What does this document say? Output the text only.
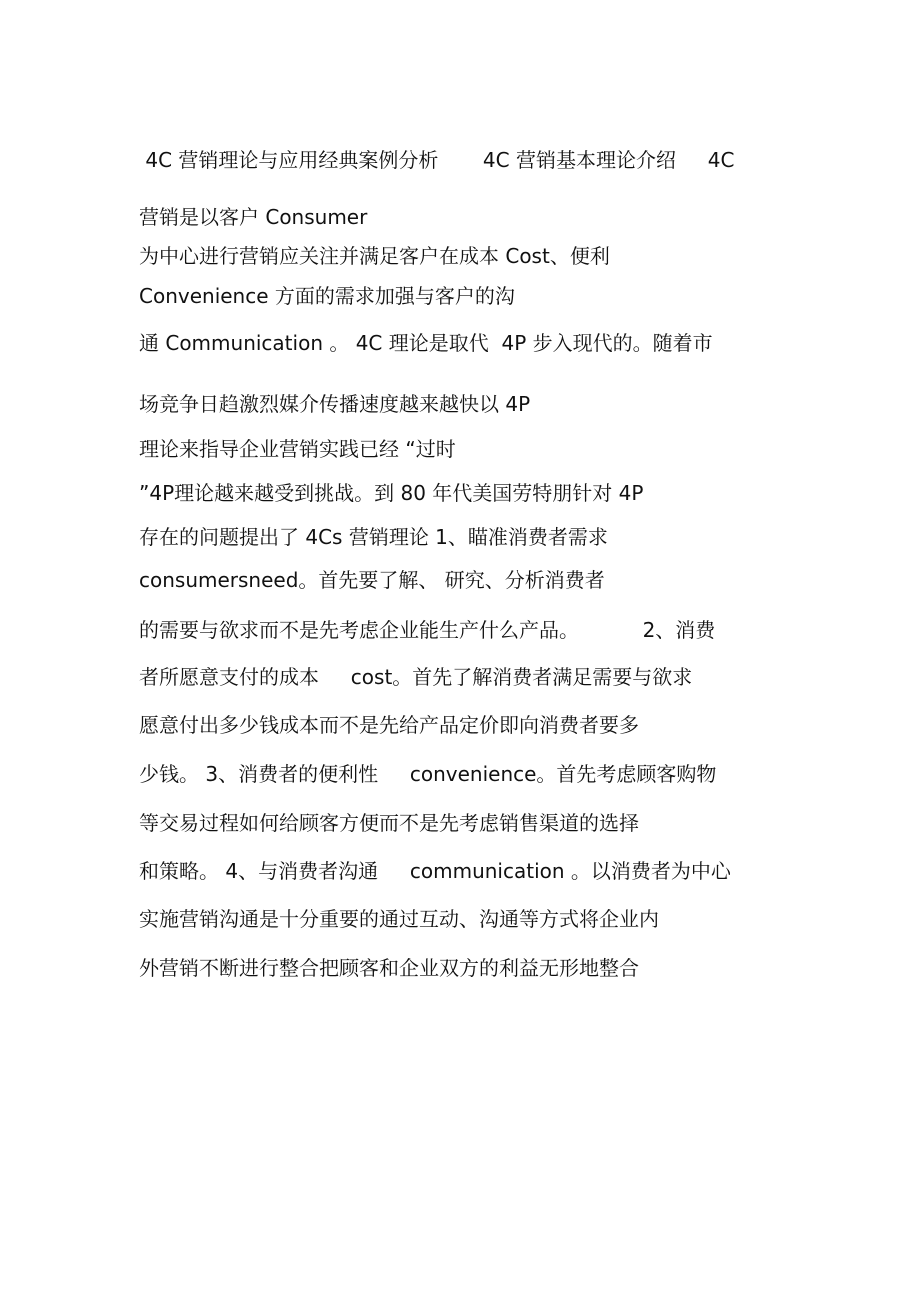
4C 营销理论与应用经典案例分析       4C 营销基本理论介绍     4C
营销是以客户 Consumer
为中心进行营销应关注并满足客户在成本 Cost、便利
Convenience 方面的需求加强与客户的沟
通 Communication 。 4C 理论是取代  4P 步入现代的。随着市
场竞争日趋激烈媒介传播速度越来越快以 4P
理论来指导企业营销实践已经 “过时
”4P理论越来越受到挑战。到 80 年代美国劳特朋针对 4P
存在的问题提出了 4Cs 营销理论 1、瞄准消费者需求
consumersneed。首先要了解、 研究、分析消费者
的需要与欲求而不是先考虑企业能生产什么产品。          2、消费
者所愿意支付的成本     cost。首先了解消费者满足需要与欲求
愿意付出多少钱成本而不是先给产品定价即向消费者要多
少钱。 3、消费者的便利性     convenience。首先考虑顾客购物
等交易过程如何给顾客方便而不是先考虑销售渠道的选择
和策略。 4、与消费者沟通     communication 。以消费者为中心
实施营销沟通是十分重要的通过互动、沟通等方式将企业内
外营销不断进行整合把顾客和企业双方的利益无形地整合
